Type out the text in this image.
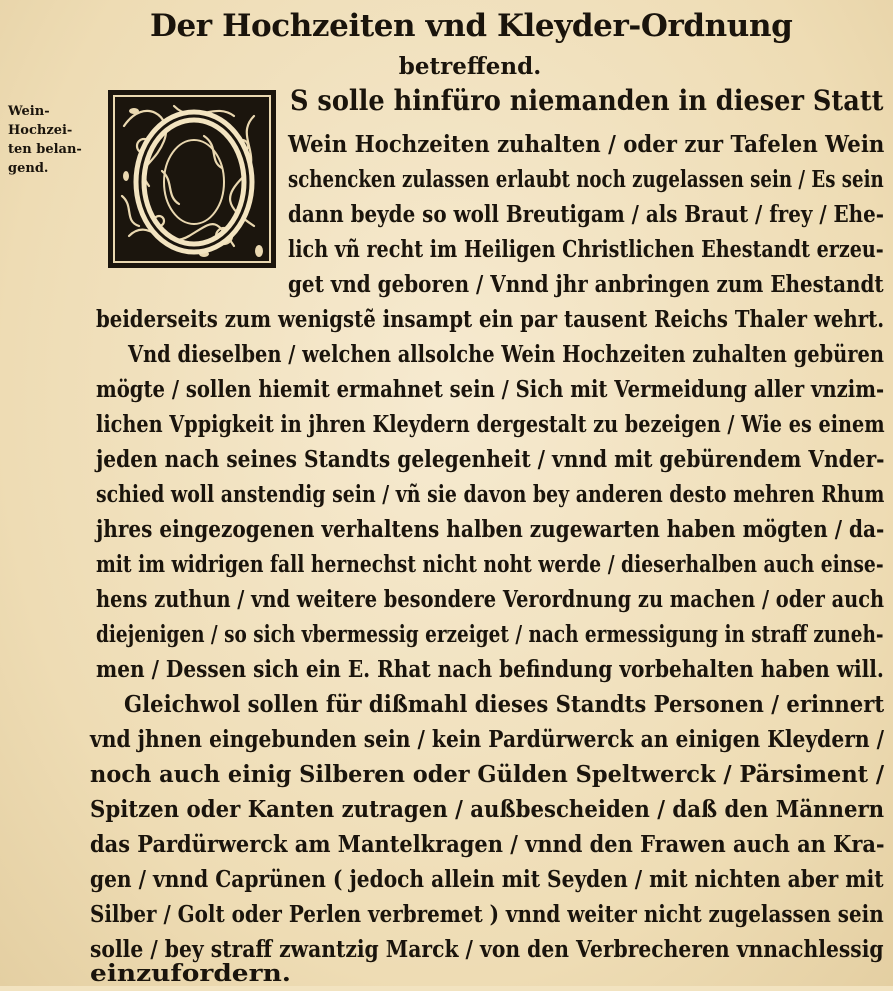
Der Hochzeiten vnd Kleyder-Ordnung
betreffend.
Wein-
Hochzei-
ten belan-
gend.
S solle hinfüro niemanden in dieser Statt
Wein Hochzeiten zuhalten / oder zur Tafelen Wein
schencken zulassen erlaubt noch zugelassen sein / Es sein
dann beyde so woll Breutigam / als Braut / frey / Ehe-
lich vñ recht im Heiligen Christlichen Ehestandt erzeu-
get vnd geboren / Vnnd jhr anbringen zum Ehestandt
beiderseits zum wenigstẽ insampt ein par tausent Reichs Thaler wehrt.
Vnd dieselben / welchen allsolche Wein Hochzeiten zuhalten gebüren
mögte / sollen hiemit ermahnet sein / Sich mit Vermeidung aller vnzim-
lichen Vppigkeit in jhren Kleydern dergestalt zu bezeigen / Wie es einem
jeden nach seines Standts gelegenheit / vnnd mit gebürendem Vnder-
schied woll anstendig sein / vñ sie davon bey anderen desto mehren Rhum
jhres eingezogenen verhaltens halben zugewarten haben mögten / da-
mit im widrigen fall hernechst nicht noht werde / dieserhalben auch einse-
hens zuthun / vnd weitere besondere Verordnung zu machen / oder auch
diejenigen / so sich vbermessig erzeiget / nach ermessigung in straff zuneh-
men / Dessen sich ein E. Rhat nach befindung vorbehalten haben will.
Gleichwol sollen für dißmahl dieses Standts Personen / erinnert
vnd jhnen eingebunden sein / kein Pardürwerck an einigen Kleydern /
noch auch einig Silberen oder Gülden Speltwerck / Pärsiment /
Spitzen oder Kanten zutragen / außbescheiden / daß den Männern
das Pardürwerck am Mantelkragen / vnnd den Frawen auch an Kra-
gen / vnnd Caprünen ( jedoch allein mit Seyden / mit nichten aber mit
Silber / Golt oder Perlen verbremet ) vnnd weiter nicht zugelassen sein
solle / bey straff zwantzig Marck / von den Verbrecheren vnnachlessig
einzufordern.
